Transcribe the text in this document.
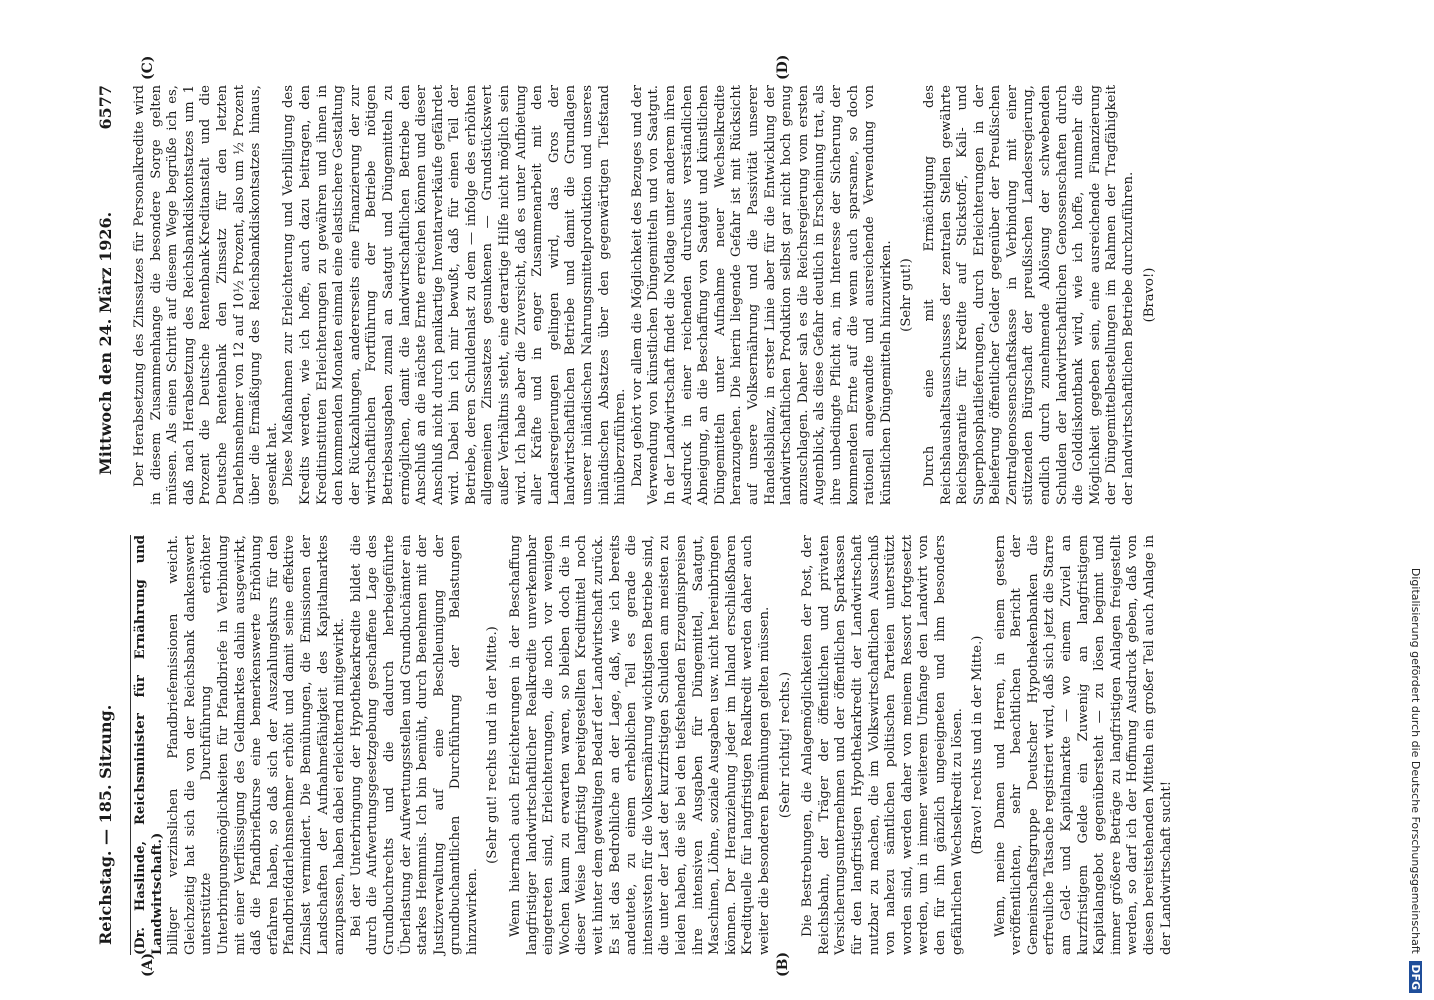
Reichstag. — 185. Sitzung.
Mittwoch den 24. März 1926.
6577

(Dr. Haslinde, Reichsminister für Ernährung und Landwirtschaft.) billiger verzinslichen Pfandbriefemissionen weicht. Gleichzeitig hat sich die von der Reichsbank dankenswert unterstützte Durchführung erhöhter Unterbringungsmöglichkeiten für Pfandbriefe in Verbindung mit einer Verflüssigung des Geldmarktes dahin ausgewirkt, daß die Pfandbriefkurse eine bemerkenswerte Erhöhung erfahren haben, so daß sich der Auszahlungskurs für den Pfandbriefdarlehnsnehmer erhöht und damit seine effektive Zinslast vermindert. Die Bemühungen, die Emissionen der Landschaften der Aufnahmefähigkeit des Kapitalmarktes anzupassen, haben dabei erleichternd mitgewirkt. Bei der Unterbringung der Hypothekarkredite bildet die durch die Aufwertungsgesetzgebung geschaffene Lage des Grundbuchrechts und die dadurch herbeigeführte Überlastung der Aufwertungsstellen und Grundbuchämter ein starkes Hemmnis. Ich bin bemüht, durch Benehmen mit der Justizverwaltung auf eine Beschleunigung der grundbuchamtlichen Durchführung der Belastungen hinzuwirken.

(Sehr gut! rechts und in der Mitte.) Wenn hiernach auch Erleichterungen in der Beschaffung langfristiger landwirtschaftlicher Realkredite unverkennbar eingetreten sind, Erleichterungen, die noch vor wenigen Wochen kaum zu erwarten waren, so bleiben doch die in dieser Weise langfristig bereitgestellten Kreditmittel noch weit hinter dem gewaltigen Bedarf der Landwirtschaft zurück. Es ist das Bedrohliche an der Lage, daß, wie ich bereits andeutete, zu einem erheblichen Teil es gerade die intensivsten für die Volksernährung wichtigsten Betriebe sind, die unter der Last der kurzfristigen Schulden am meisten zu leiden haben, die sie bei den tiefstehenden Erzeugnispreisen ihre intensiven Ausgaben für Düngemittel, Saatgut, Maschinen, Löhne, soziale Ausgaben usw. nicht hereinbringen können. Der Heranziehung jeder im Inland erschließbaren Kreditquelle für langfristigen Realkredit werden daher auch weiter die besonderen Bemühungen gelten müssen. (Sehr richtig! rechts.) Die Bestrebungen, die Anlagemöglichkeiten der Post, der Reichsbahn, der Träger der öffentlichen und privaten Versicherungsunternehmen und der öffentlichen Sparkassen für den langfristigen Hypothekarkredit der Landwirtschaft nutzbar zu machen, die im Volkswirtschaftlichen Ausschuß von nahezu sämtlichen politischen Parteien unterstützt worden sind, werden daher von meinem Ressort fortgesetzt werden, um in immer weiterem Umfange den Landwirt von den für ihn gänzlich ungeeigneten und ihm besonders gefährlichen Wechselkredit zu lösen. (Bravo! rechts und in der Mitte.) Wenn, meine Damen und Herren, in einem gestern veröffentlichten, sehr beachtlichen Bericht der Gemeinschaftsgruppe Deutscher Hypothekenbanken die erfreuliche Tatsache registriert wird, daß sich jetzt die Starre am Geld- und Kapitalmarkte — wo einem Zuviel an kurzfristigem Gelde ein Zuwenig an langfristigem Kapitalangebot gegenübersteht — zu lösen beginnt und immer größere Beträge zu langfristigen Anlagen freigestellt werden, so darf ich der Hoffnung Ausdruck geben, daß von diesen bereitstehenden Mitteln ein großer Teil auch Anlage in der Landwirtschaft sucht!

Der Herabsetzung des Zinssatzes für Personalkredite wird in diesem Zusammenhange die besondere Sorge gelten müssen. Als einen Schritt auf diesem Wege begrüße ich es, daß nach Herabsetzung des Reichsbankdiskontsatzes um 1 Prozent die Deutsche Rentenbank-Kreditanstalt und die Deutsche Rentenbank den Zinssatz für den letzten Darlehnsnehmer von 12 auf 10½ Prozent, also um ½ Prozent über die Ermäßigung des Reichsbankdiskontsatzes hinaus, gesenkt hat. Diese Maßnahmen zur Erleichterung und Verbilligung des Kredits werden, wie ich hoffe, auch dazu beitragen, den Kreditinstituten Erleichterungen zu gewähren und ihnen in den kommenden Monaten einmal eine elastischere Gestaltung der Rückzahlungen, andererseits eine Finanzierung der zur wirtschaftlichen Fortführung der Betriebe nötigen Betriebsausgaben zumal an Saatgut und Düngemitteln zu ermöglichen, damit die landwirtschaftlichen Betriebe den Anschluß an die nächste Ernte erreichen können und dieser Anschluß nicht durch panikartige Inventarverkäufe gefährdet wird. Dabei bin ich mir bewußt, daß für einen Teil der Betriebe, deren Schuldenlast zu dem — infolge des erhöhten allgemeinen Zinssatzes gesunkenen — Grundstückswert außer Verhältnis steht, eine derartige Hilfe nicht möglich sein wird. Ich habe aber die Zuversicht, daß es unter Aufbietung aller Kräfte und in enger Zusammenarbeit mit den Landesregierungen gelingen wird, das Gros der landwirtschaftlichen Betriebe und damit die Grundlagen unserer inländischen Nahrungsmittelproduktion und unseres inländischen Absatzes über den gegenwärtigen Tiefstand hinüberzuführen. Dazu gehört vor allem die Möglichkeit des Bezuges und der Verwendung von künstlichen Düngemitteln und von Saatgut. In der Landwirtschaft findet die Notlage unter anderem ihren Ausdruck in einer reichenden durchaus verständlichen Abneigung, an die Beschaffung von Saatgut und künstlichen Düngemitteln unter Aufnahme neuer Wechselkredite heranzugehen. Die hierin liegende Gefahr ist mit Rücksicht auf unsere Volksernährung und die Passivität unserer Handelsbilanz, in erster Linie aber für die Entwicklung der landwirtschaftlichen Produktion selbst gar nicht hoch genug anzuschlagen. Daher sah es die Reichsregierung vom ersten Augenblick, als diese Gefahr deutlich in Erscheinung trat, als ihre unbedingte Pflicht an, im Interesse der Sicherung der kommenden Ernte auf die wenn auch sparsame, so doch rationell angewandte und ausreichende Verwendung von künstlichen Düngemitteln hinzuwirken. (Sehr gut!) Durch eine mit Ermächtigung des Reichshaushaltsausschusses der zentralen Stellen gewährte Reichsgarantie für Kredite auf Stickstoff-, Kali- und Superphosphatlieferungen, durch Erleichterungen in der Belieferung öffentlicher Gelder gegenüber der Preußischen Zentralgenossenschaftskasse in Verbindung mit einer stützenden Bürgschaft der preußischen Landesregierung, endlich durch zunehmende Ablösung der schwebenden Schulden der landwirtschaftlichen Genossenschaften durch die Golddiskontbank wird, wie ich hoffe, nunmehr die Möglichkeit gegeben sein, eine ausreichende Finanzierung der Düngemittelbestellungen im Rahmen der Tragfähigkeit der landwirtschaftlichen Betriebe durchzuführen. (Bravo!)

(A)	(B)
(C)	(D)
Digitalisierung gefördert durch die Deutsche Forschungsgemeinschaft DFG
